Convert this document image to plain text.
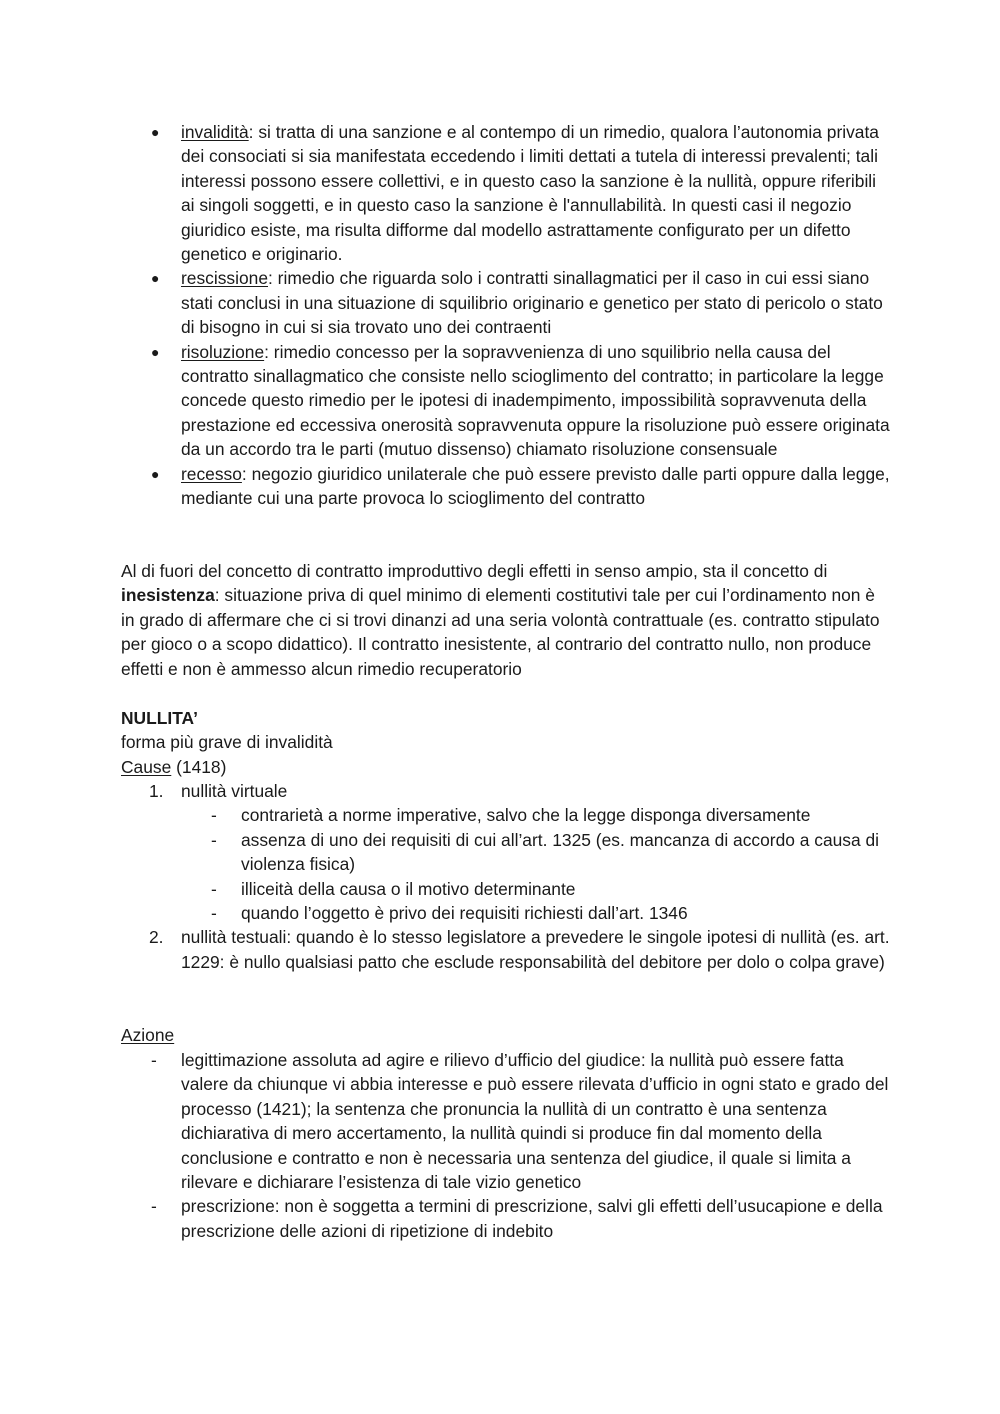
● invalidità: si tratta di una sanzione e al contempo di un rimedio, qualora l’autonomia privata dei consociati si sia manifestata eccedendo i limiti dettati a tutela di interessi prevalenti; tali interessi possono essere collettivi, e in questo caso la sanzione è la nullità, oppure riferibili ai singoli soggetti, e in questo caso la sanzione è l'annullabilità. In questi casi il negozio giuridico esiste, ma risulta difforme dal modello astrattamente configurato per un difetto genetico e originario.
● rescissione: rimedio che riguarda solo i contratti sinallagmatici per il caso in cui essi siano stati conclusi in una situazione di squilibrio originario e genetico per stato di pericolo o stato di bisogno in cui si sia trovato uno dei contraenti
● risoluzione: rimedio concesso per la sopravvenienza di uno squilibrio nella causa del contratto sinallagmatico che consiste nello scioglimento del contratto; in particolare la legge concede questo rimedio per le ipotesi di inadempimento, impossibilità sopravvenuta della prestazione ed eccessiva onerosità sopravvenuta oppure la risoluzione può essere originata da un accordo tra le parti (mutuo dissenso) chiamato risoluzione consensuale
● recesso: negozio giuridico unilaterale che può essere previsto dalle parti oppure dalla legge, mediante cui una parte provoca lo scioglimento del contratto

Al di fuori del concetto di contratto improduttivo degli effetti in senso ampio, sta il concetto di inesistenza: situazione priva di quel minimo di elementi costitutivi tale per cui l’ordinamento non è in grado di affermare che ci si trovi dinanzi ad una seria volontà contrattuale (es. contratto stipulato per gioco o a scopo didattico). Il contratto inesistente, al contrario del contratto nullo, non produce effetti e non è ammesso alcun rimedio recuperatorio

NULLITA’
forma più grave di invalidità
Cause (1418)
1. nullità virtuale
- contrarietà a norme imperative, salvo che la legge disponga diversamente
- assenza di uno dei requisiti di cui all’art. 1325 (es. mancanza di accordo a causa di violenza fisica)
- illiceità della causa o il motivo determinante
- quando l’oggetto è privo dei requisiti richiesti dall’art. 1346
2. nullità testuali: quando è lo stesso legislatore a prevedere le singole ipotesi di nullità (es. art. 1229: è nullo qualsiasi patto che esclude responsabilità del debitore per dolo o colpa grave)
Azione
- legittimazione assoluta ad agire e rilievo d’ufficio del giudice: la nullità può essere fatta valere da chiunque vi abbia interesse e può essere rilevata d’ufficio in ogni stato e grado del processo (1421); la sentenza che pronuncia la nullità di un contratto è una sentenza dichiarativa di mero accertamento, la nullità quindi si produce fin dal momento della conclusione e contratto e non è necessaria una sentenza del giudice, il quale si limita a rilevare e dichiarare l’esistenza di tale vizio genetico
- prescrizione: non è soggetta a termini di prescrizione, salvi gli effetti dell’usucapione e della prescrizione delle azioni di ripetizione di indebito
